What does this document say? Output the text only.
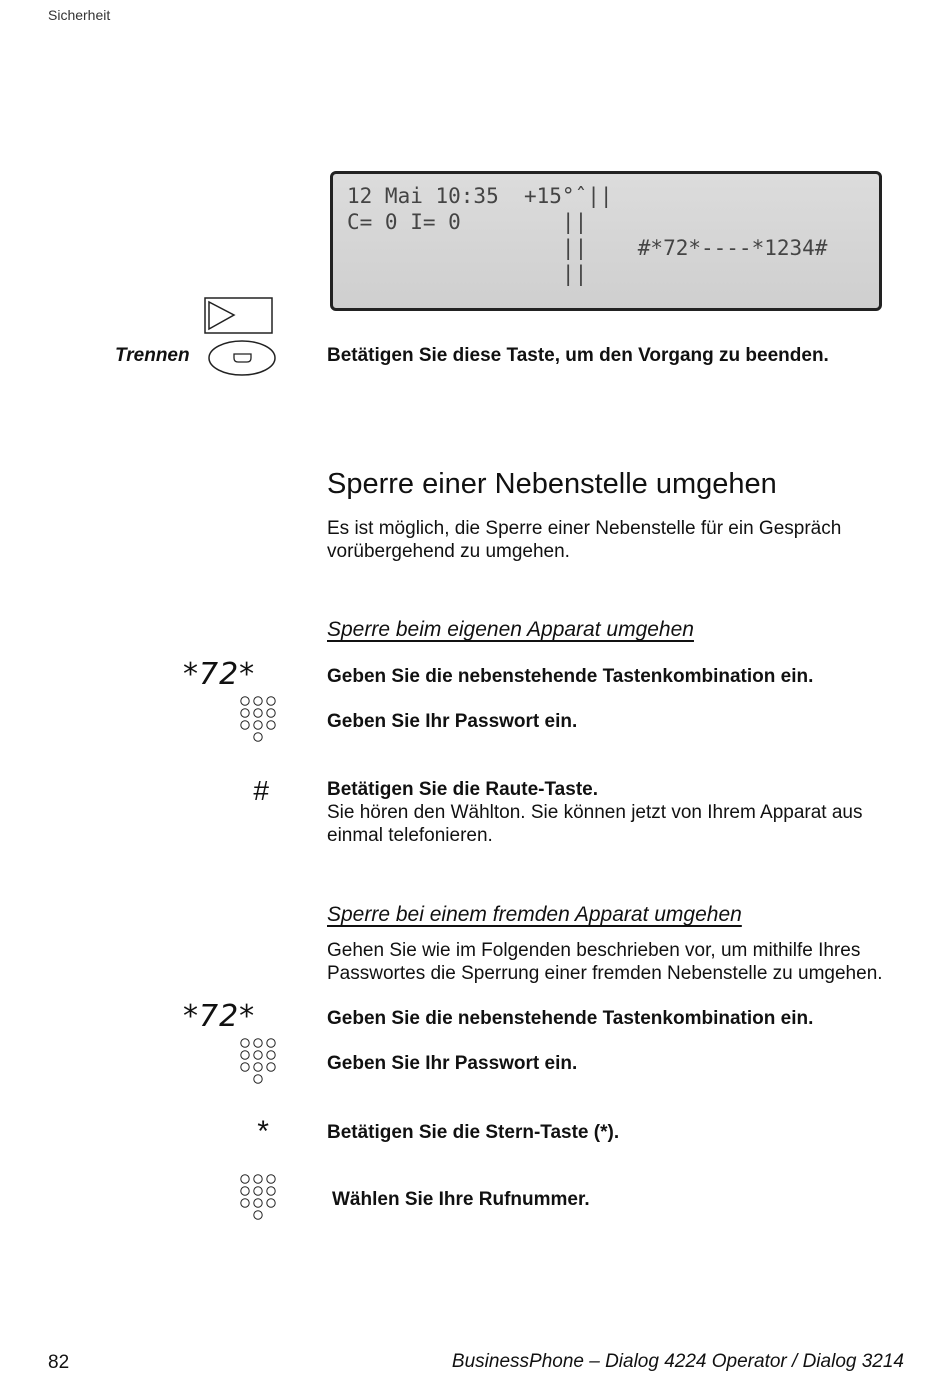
Sicherheit
12 Mai 10:35  +15°ˆ||
C= 0 I= 0        ||
||    #*72*----*1234#
||
Trennen	Betätigen Sie diese Taste, um den Vorgang zu beenden.
Sperre einer Nebenstelle umgehen
Es ist möglich, die Sperre einer Nebenstelle für ein Gespräch
vorübergehend zu umgehen.
Sperre beim eigenen Apparat umgehen
*72*	Geben Sie die nebenstehende Tastenkombination ein.
Geben Sie Ihr Passwort ein.
#	Betätigen Sie die Raute-Taste.
Sie hören den Wählton. Sie können jetzt von Ihrem Apparat aus
einmal telefonieren.
Sperre bei einem fremden Apparat umgehen
Gehen Sie wie im Folgenden beschrieben vor, um mithilfe Ihres
Passwortes die Sperrung einer fremden Nebenstelle zu umgehen.
*72*	Geben Sie die nebenstehende Tastenkombination ein.
Geben Sie Ihr Passwort ein.
*	Betätigen Sie die Stern-Taste (*).
Wählen Sie Ihre Rufnummer.
82	BusinessPhone – Dialog 4224 Operator / Dialog 3214
